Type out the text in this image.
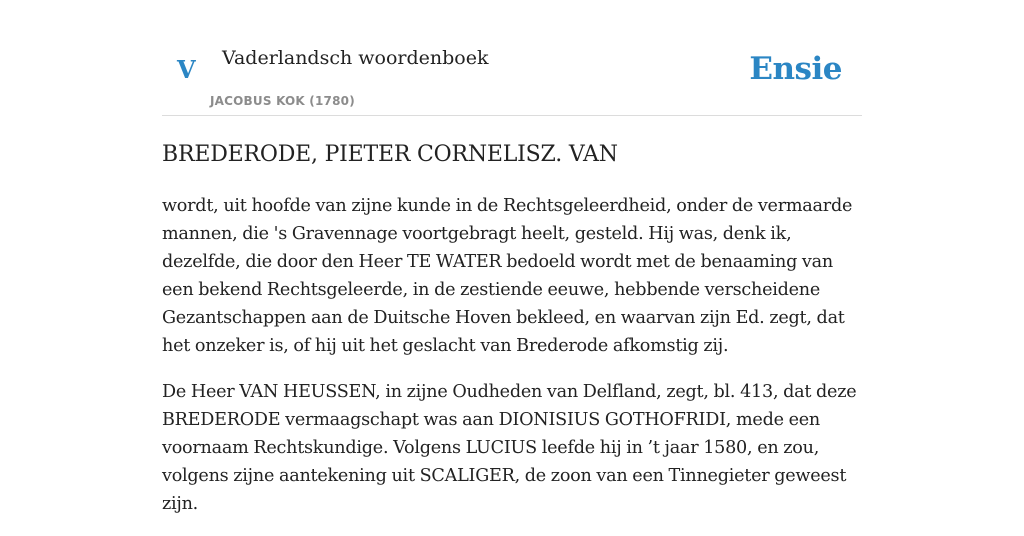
V Vaderlandsch woordenboek
JACOBUS KOK (1780)
Ensie
BREDERODE, PIETER CORNELISZ. VAN

wordt, uit hoofde van zijne kunde in de Rechtsgeleerdheid, onder de vermaarde mannen, die 's Gravennage voortgebragt heelt, gesteld. Hij was, denk ik, dezelfde, die door den Heer TE WATER bedoeld wordt met de benaaming van een bekend Rechtsgeleerde, in de zestiende eeuwe, hebbende verscheidene Gezantschappen aan de Duitsche Hoven bekleed, en waarvan zijn Ed. zegt, dat het onzeker is, of hij uit het geslacht van Brederode afkomstig zij.

De Heer VAN HEUSSEN, in zijne Oudheden van Delfland, zegt, bl. 413, dat deze BREDERODE vermaagschapt was aan DIONISIUS GOTHOFRIDI, mede een voornaam Rechtskundige. Volgens LUCIUS leefde hij in ’t jaar 1580, en zou, volgens zijne aantekening uit SCALIGER, de zoon van een Tinnegieter geweest zijn.
